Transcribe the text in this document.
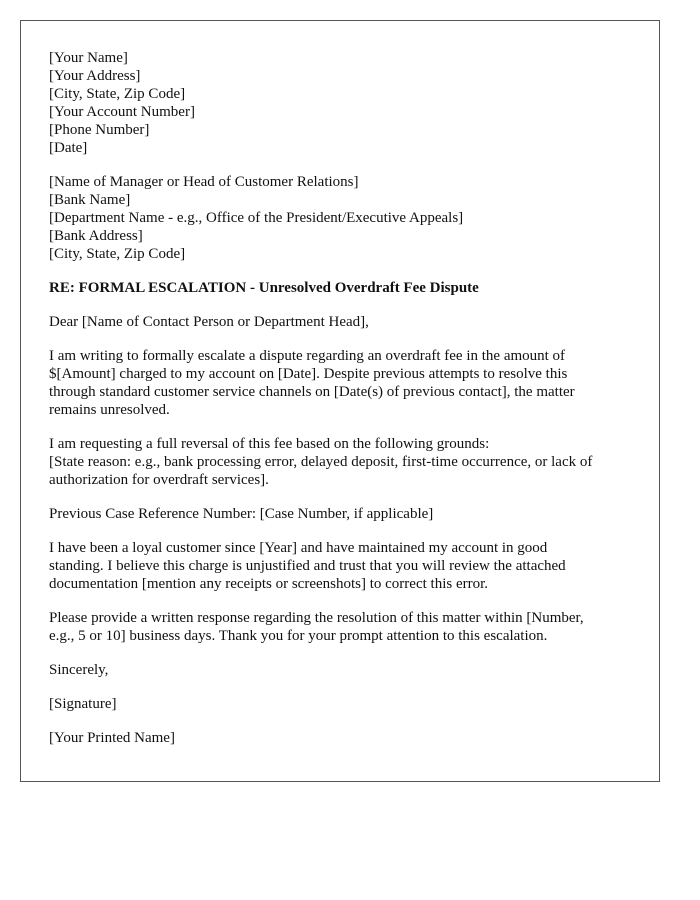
[Your Name]
[Your Address]
[City, State, Zip Code]
[Your Account Number]
[Phone Number]
[Date]
[Name of Manager or Head of Customer Relations]
[Bank Name]
[Department Name - e.g., Office of the President/Executive Appeals]
[Bank Address]
[City, State, Zip Code]
RE: FORMAL ESCALATION - Unresolved Overdraft Fee Dispute

Dear [Name of Contact Person or Department Head],

I am writing to formally escalate a dispute regarding an overdraft fee in the amount of
$[Amount] charged to my account on [Date]. Despite previous attempts to resolve this
through standard customer service channels on [Date(s) of previous contact], the matter
remains unresolved.

I am requesting a full reversal of this fee based on the following grounds:
[State reason: e.g., bank processing error, delayed deposit, first-time occurrence, or lack of
authorization for overdraft services].

Previous Case Reference Number: [Case Number, if applicable]

I have been a loyal customer since [Year] and have maintained my account in good
standing. I believe this charge is unjustified and trust that you will review the attached
documentation [mention any receipts or screenshots] to correct this error.

Please provide a written response regarding the resolution of this matter within [Number,
e.g., 5 or 10] business days. Thank you for your prompt attention to this escalation.

Sincerely,

[Signature]

[Your Printed Name]
